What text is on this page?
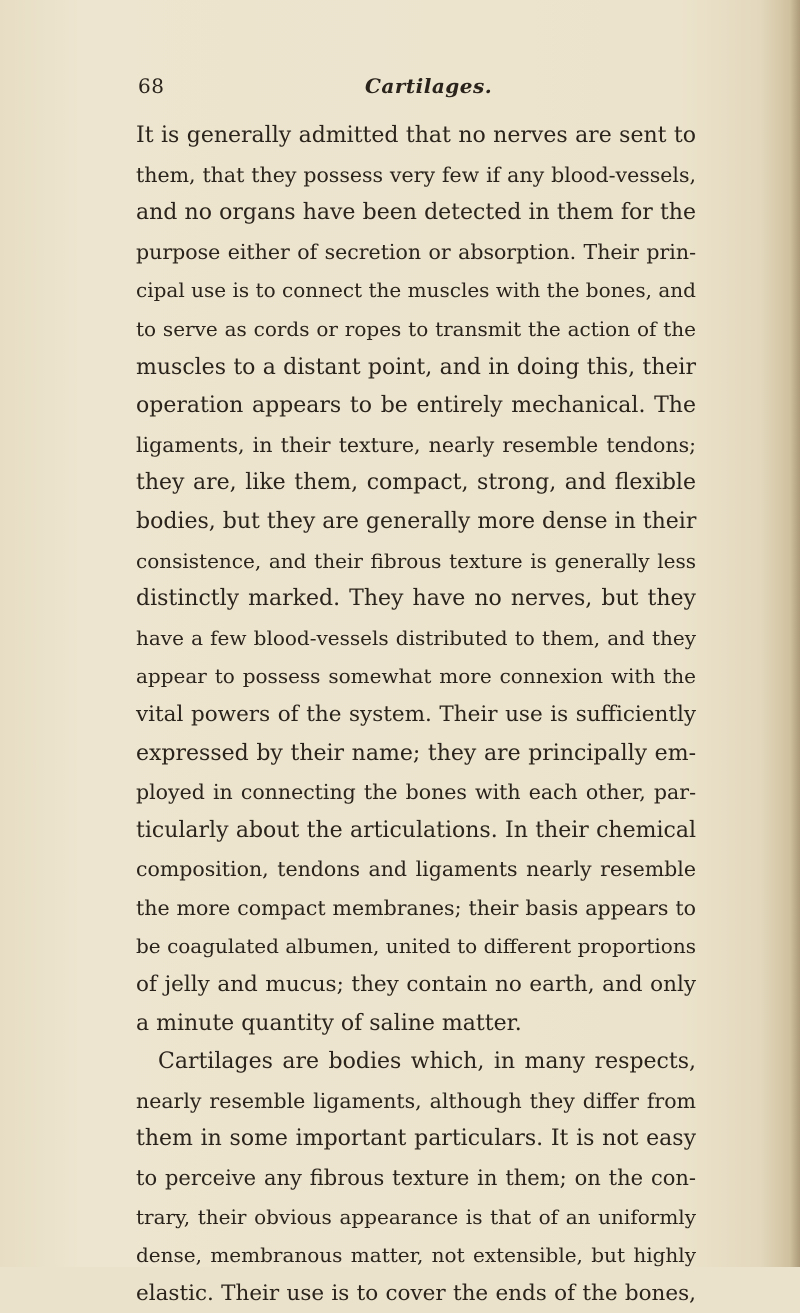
68	Cartilages.
It is generally admitted that no nerves are sent to
them, that they possess very few if any blood-vessels,
and no organs have been detected in them for the
purpose either of secretion or absorption. Their prin-
cipal use is to connect the muscles with the bones, and
to serve as cords or ropes to transmit the action of the
muscles to a distant point, and in doing this, their
operation appears to be entirely mechanical. The
ligaments, in their texture, nearly resemble tendons;
they are, like them, compact, strong, and flexible
bodies, but they are generally more dense in their
consistence, and their fibrous texture is generally less
distinctly marked. They have no nerves, but they
have a few blood-vessels distributed to them, and they
appear to possess somewhat more connexion with the
vital powers of the system. Their use is sufficiently
expressed by their name; they are principally em-
ployed in connecting the bones with each other, par-
ticularly about the articulations. In their chemical
composition, tendons and ligaments nearly resemble
the more compact membranes; their basis appears to
be coagulated albumen, united to different proportions
of jelly and mucus; they contain no earth, and only
a minute quantity of saline matter.
Cartilages are bodies which, in many respects,
nearly resemble ligaments, although they differ from
them in some important particulars. It is not easy
to perceive any fibrous texture in them; on the con-
trary, their obvious appearance is that of an uniformly
dense, membranous matter, not extensible, but highly
elastic. Their use is to cover the ends of the bones,
